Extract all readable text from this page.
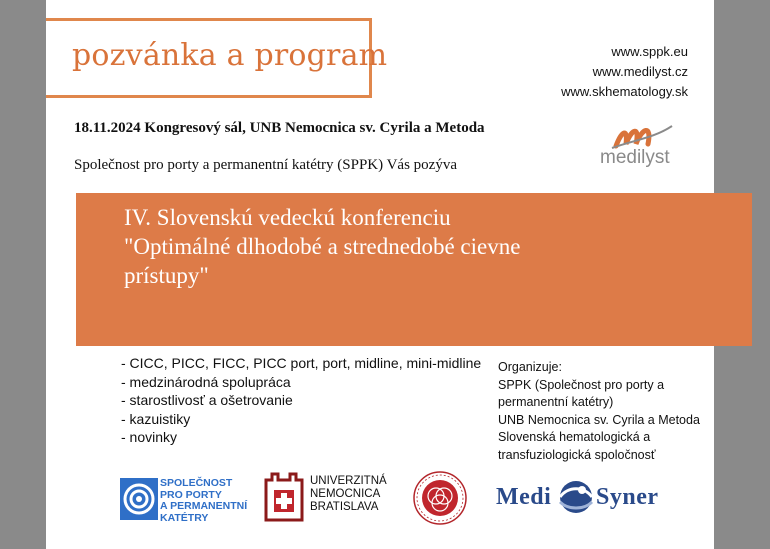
pozvánka a program	www.sppk.eu
www.medilyst.cz
www.skhematology.sk
18.11.2024 Kongresový sál, UNB Nemocnica sv. Cyrila a Metoda
Společnost pro porty a permanentní katétry (SPPK) Vás pozýva	medilyst
IV. Slovenskú vedeckú konferenciu
"Optimálné dlhodobé a strednedobé cievne
prístupy"
- CICC, PICC, FICC, PICC port, port, midline, mini-midline
- medzinárodná spolupráca
- starostlivosť a ošetrovanie
- kazuistiky
- novinky
Organizuje:
SPPK (Společnost pro porty a
permanentní katétry)
UNB Nemocnica sv. Cyrila a Metoda
Slovenská hematologická a
transfuziologická spoločnosť
SPOLEČNOST
PRO PORTY
A PERMANENTNÍ
KATÉTRY
UNIVERZITNÁ
NEMOCNICA
BRATISLAVA	Medi Syner
